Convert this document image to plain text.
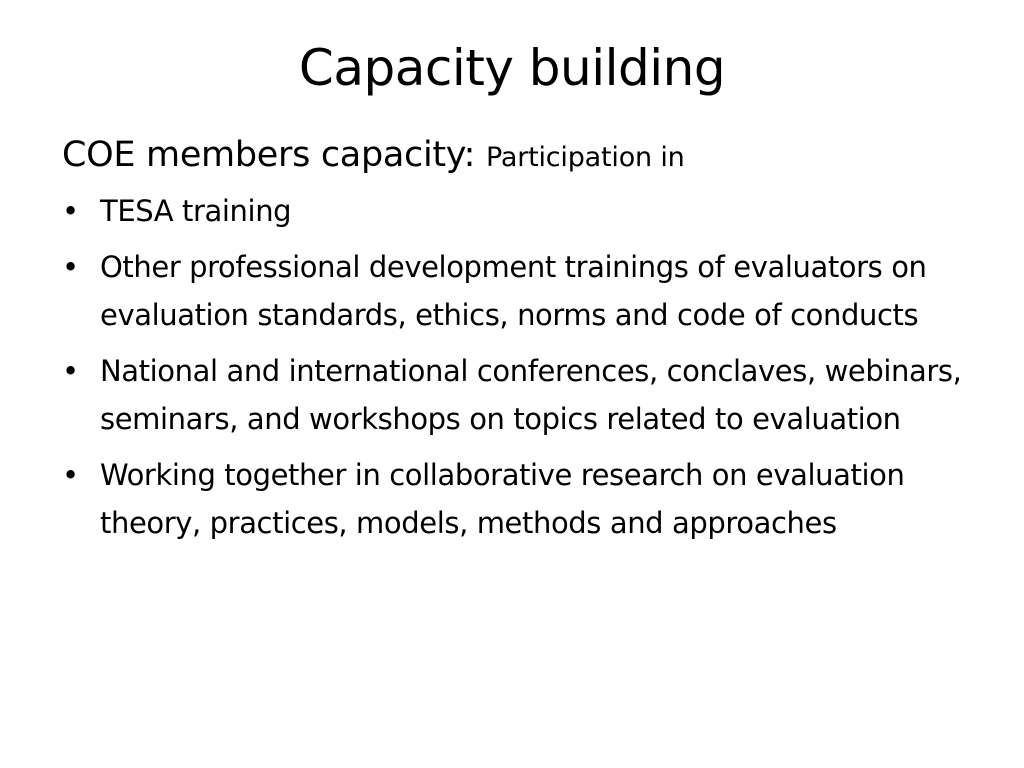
Capacity building

COE members capacity: Participation in

• TESA training
• Other professional development trainings of evaluators on evaluation standards, ethics, norms and code of conducts
• National and international conferences, conclaves, webinars, seminars, and workshops on topics related to evaluation
• Working together in collaborative research on evaluation theory, practices, models, methods and approaches
